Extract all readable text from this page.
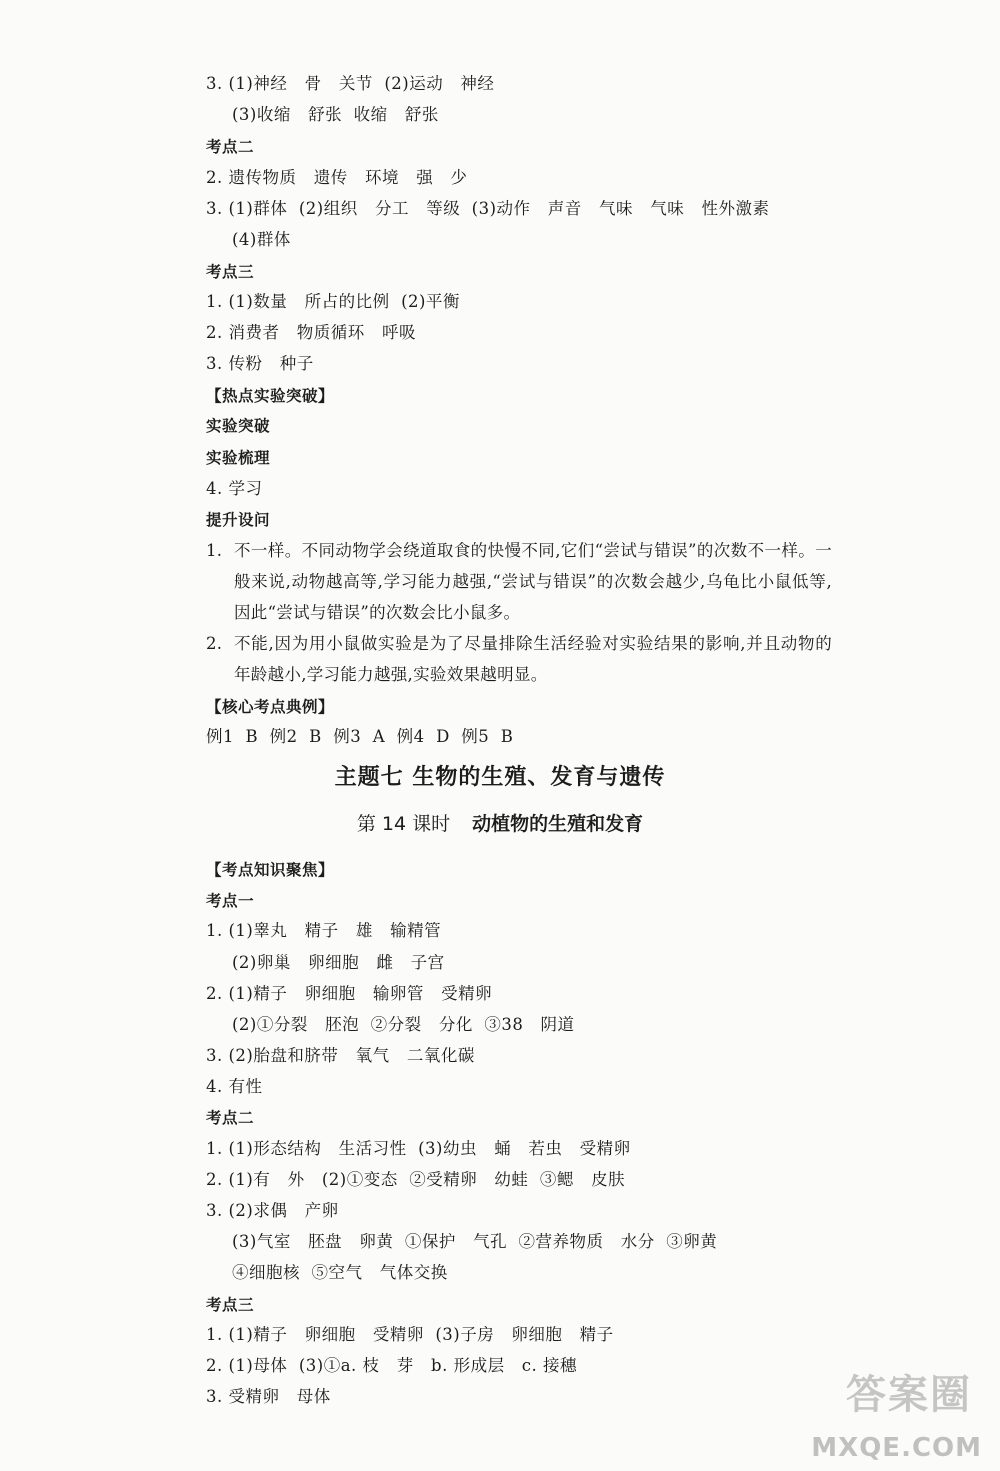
3. (1)神经   骨   关节  (2)运动   神经
(3)收缩   舒张  收缩   舒张
考点二
2. 遗传物质   遗传   环境   强   少
3. (1)群体  (2)组织   分工   等级  (3)动作   声音   气味   气味   性外激素
(4)群体
考点三
1. (1)数量   所占的比例  (2)平衡
2. 消费者   物质循环   呼吸
3. 传粉   种子
【热点实验突破】
实验突破
实验梳理
4. 学习
提升设问
1. 不一样。不同动物学会绕道取食的快慢不同,它们“尝试与错误”的次数不一样。一般来说,动物越高等,学习能力越强,“尝试与错误”的次数会越少,乌龟比小鼠低等,因此“尝试与错误”的次数会比小鼠多。
2. 不能,因为用小鼠做实验是为了尽量排除生活经验对实验结果的影响,并且动物的年龄越小,学习能力越强,实验效果越明显。
【核心考点典例】
例1  B  例2  B  例3  A  例4  D  例5  B
【考点知识聚焦】
考点一
1. (1)睾丸   精子   雄   输精管
(2)卵巢   卵细胞   雌   子宫
2. (1)精子   卵细胞   输卵管   受精卵
(2)①分裂   胚泡  ②分裂   分化  ③38   阴道
3. (2)胎盘和脐带   氧气   二氧化碳
4. 有性
考点二
1. (1)形态结构   生活习性  (3)幼虫   蛹   若虫   受精卵
2. (1)有   外   (2)①变态  ②受精卵   幼蛙  ③鳃   皮肤
3. (2)求偶   产卵
(3)气室   胚盘   卵黄  ①保护   气孔  ②营养物质   水分  ③卵黄
④细胞核  ⑤空气   气体交换
考点三
1. (1)精子   卵细胞   受精卵  (3)子房   卵细胞   精子
2. (1)母体  (3)①a. 枝   芽   b. 形成层   c. 接穗
3. 受精卵   母体
主题七 生物的生殖、发育与遗传
第 14 课时 动植物的生殖和发育
答案圈
MXQE.COM
